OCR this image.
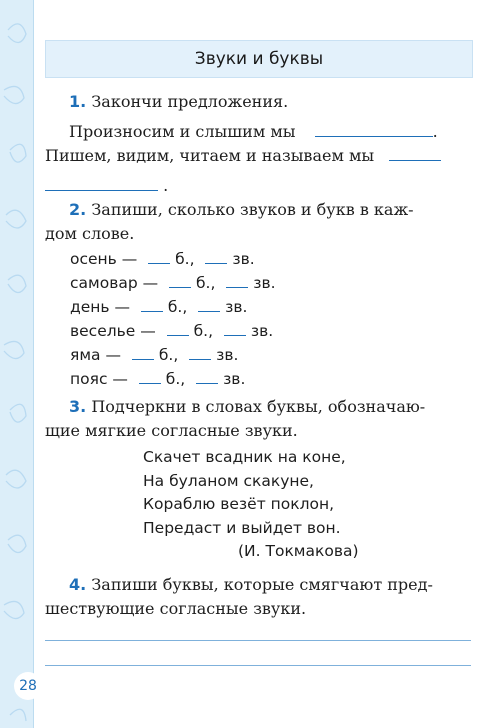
Звуки и буквы

1. Закончи предложения.

Произносим и слышим мы	.

Пишем, видим, читаем и называем мы

.

2. Запиши, сколько звуков и букв в каж-

дом слове.

осень — б., зв.
самовар — б., зв.
день — б., зв.
веселье — б., зв.
яма — б., зв.
пояс — б., зв.

3. Подчеркни в словах буквы, обозначаю-

щие мягкие согласные звуки.

Скачет всадник на коне,
На буланом скакуне,
Кораблю везёт поклон,
Передаст и выйдет вон.
(И. Токмакова)

4. Запиши буквы, которые смягчают пред-

шествующие согласные звуки.

28
